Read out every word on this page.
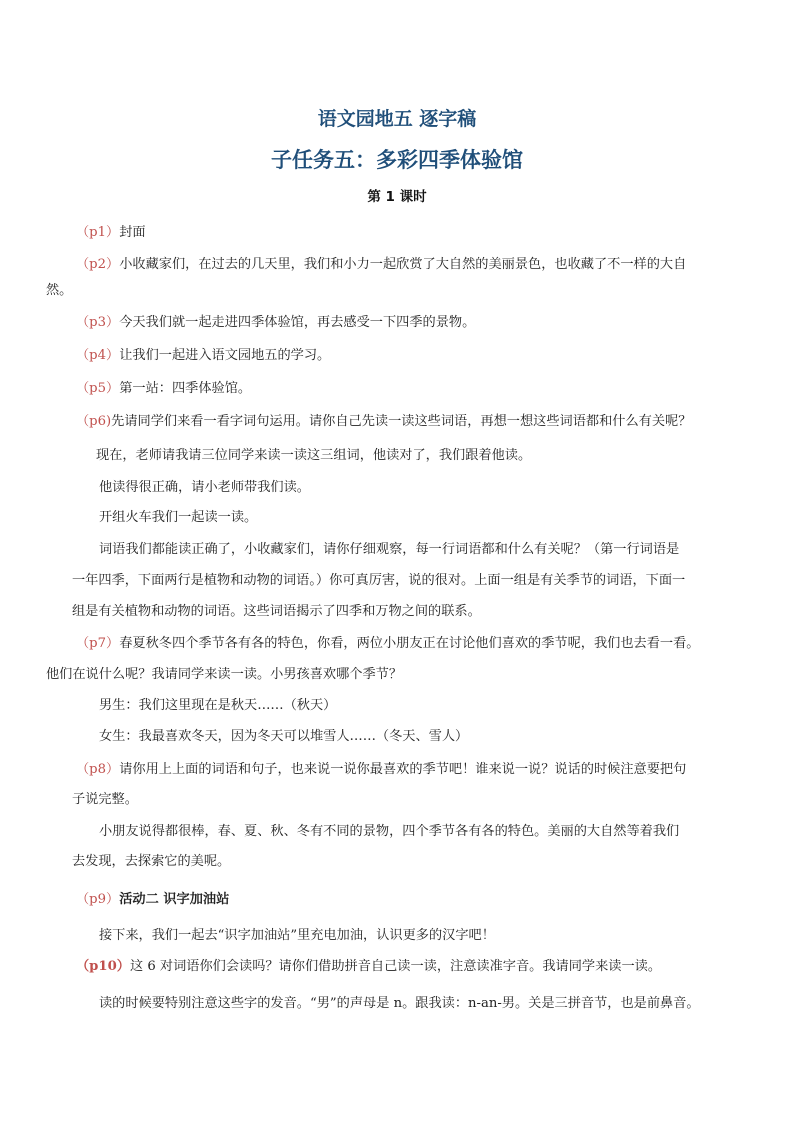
语文园地五 逐字稿
子任务五：多彩四季体验馆
第 1 课时
（p1）封面
（p2）小收藏家们，在过去的几天里，我们和小力一起欣赏了大自然的美丽景色，也收藏了不一样的大自
然。
（p3）今天我们就一起走进四季体验馆，再去感受一下四季的景物。
（p4）让我们一起进入语文园地五的学习。
（p5）第一站：四季体验馆。
（p6)先请同学们来看一看字词句运用。请你自己先读一读这些词语，再想一想这些词语都和什么有关呢？
现在，老师请我请三位同学来读一读这三组词，他读对了，我们跟着他读。
他读得很正确，请小老师带我们读。
开组火车我们一起读一读。
词语我们都能读正确了，小收藏家们，请你仔细观察，每一行词语都和什么有关呢？（第一行词语是
一年四季，下面两行是植物和动物的词语。）你可真厉害，说的很对。上面一组是有关季节的词语，下面一
组是有关植物和动物的词语。这些词语揭示了四季和万物之间的联系。
（p7）春夏秋冬四个季节各有各的特色，你看，两位小朋友正在讨论他们喜欢的季节呢，我们也去看一看。
他们在说什么呢？我请同学来读一读。小男孩喜欢哪个季节？
男生：我们这里现在是秋天……（秋天）
女生：我最喜欢冬天，因为冬天可以堆雪人……（冬天、雪人）
（p8）请你用上上面的词语和句子，也来说一说你最喜欢的季节吧！谁来说一说？说话的时候注意要把句
子说完整。
小朋友说得都很棒，春、夏、秋、冬有不同的景物，四个季节各有各的特色。美丽的大自然等着我们
去发现，去探索它的美呢。
（p9）活动二 识字加油站
接下来，我们一起去“识字加油站”里充电加油，认识更多的汉字吧！
（p10）这 6 对词语你们会读吗？请你们借助拼音自己读一读，注意读准字音。我请同学来读一读。
读的时候要特别注意这些字的发音。“男”的声母是 n。跟我读：n-an-男。关是三拼音节，也是前鼻音。
